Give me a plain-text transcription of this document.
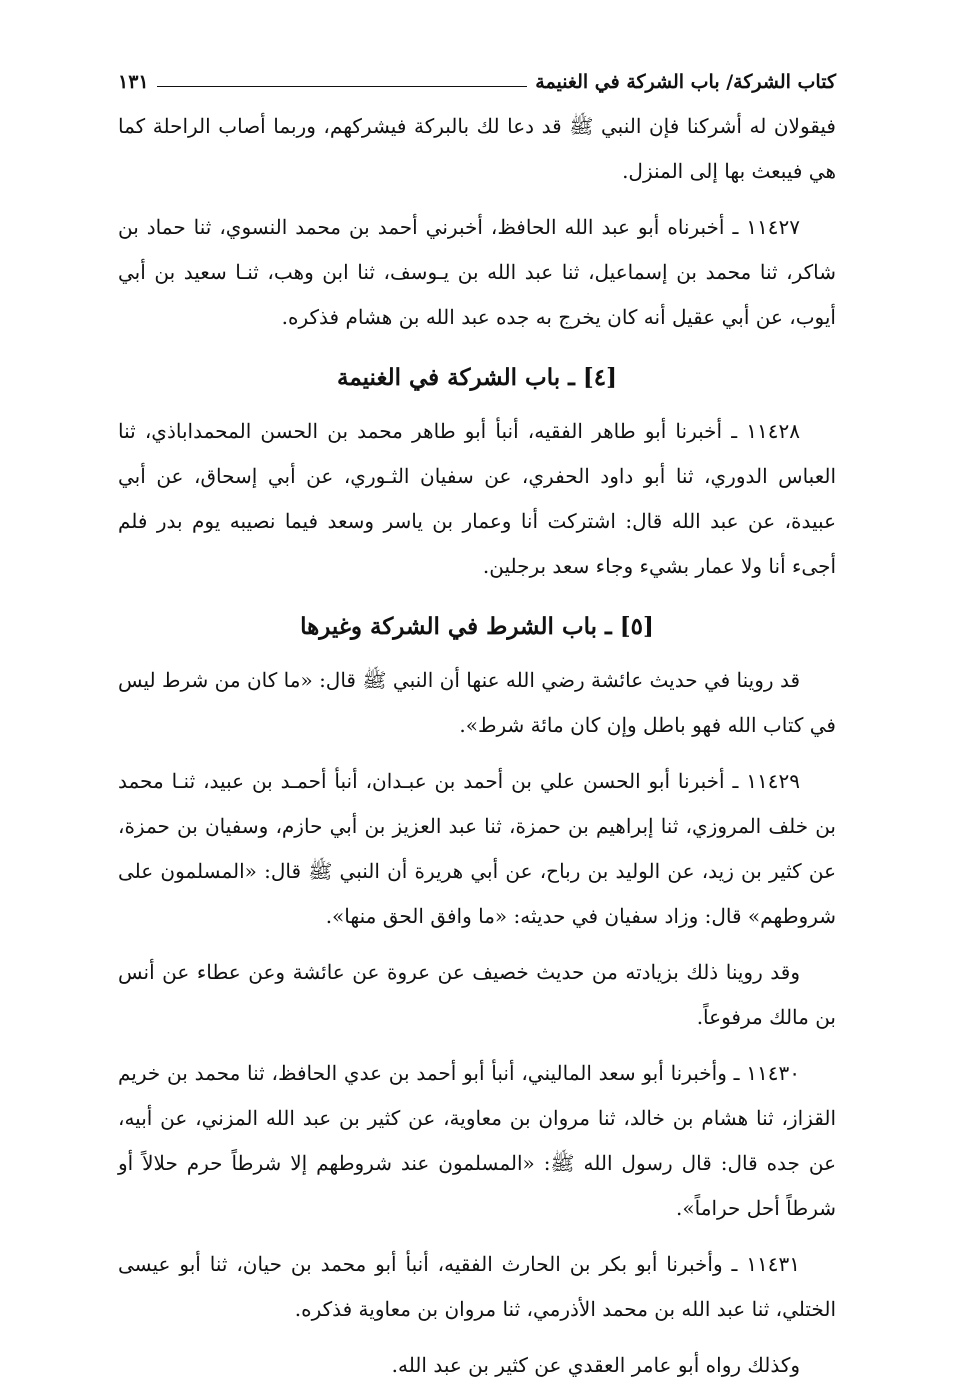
كتاب الشركة/ باب الشركة في الغنيمة
١٣١

فيقولان له أشركنا فإن النبي ﷺ قد دعا لك بالبركة فيشركهم، وربما أصاب الراحلة كما هي فيبعث بها إلى المنزل.

١١٤٢٧ ـ أخبرناه أبو عبد الله الحافظ، أخبرني أحمد بن محمد النسوي، ثنا حماد بن شاكر، ثنا محمد بن إسماعيل، ثنا عبد الله بن يـوسف، ثنا ابن وهب، ثنـا سعيد بن أبي أيوب، عن أبي عقيل أنه كان يخرج به جده عبد الله بن هشام فذكره.

[٤] ـ باب الشركة في الغنيمة

١١٤٢٨ ـ أخبرنا أبو طاهر الفقيه، أنبأ أبو طاهر محمد بن الحسن المحمداباذي، ثنا العباس الدوري، ثنا أبو داود الحفري، عن سفيان الثـوري، عن أبي إسحاق، عن أبي عبيدة، عن عبد الله قال: اشتركت أنا وعمار بن ياسر وسعد فيما نصيبه يوم بدر فلم أجىء أنا ولا عمار بشيء وجاء سعد برجلين.

[٥] ـ باب الشرط في الشركة وغيرها

قد روينا في حديث عائشة رضي الله عنها أن النبي ﷺ قال: «ما كان من شرط ليس في كتاب الله فهو باطل وإن كان مائة شرط».

١١٤٢٩ ـ أخبرنا أبو الحسن علي بن أحمد بن عبـدان، أنبأ أحمـد بن عبيد، ثنـا محمد بن خلف المروزي، ثنا إبراهيم بن حمزة، ثنا عبد العزيز بن أبي حازم، وسفيان بن حمزة، عن كثير بن زيد، عن الوليد بن رباح، عن أبي هريرة أن النبي ﷺ قال: «المسلمون على شروطهم» قال: وزاد سفيان في حديثه: «ما وافق الحق منها».

وقد روينا ذلك بزيادته من حديث خصيف عن عروة عن عائشة وعن عطاء عن أنس بن مالك مرفوعاً.

١١٤٣٠ ـ وأخبرنا أبو سعد الماليني، أنبأ أبو أحمد بن عدي الحافظ، ثنا محمد بن خريم القزاز، ثنا هشام بن خالد، ثنا مروان بن معاوية، عن كثير بن عبد الله المزني، عن أبيه، عن جده قال: قال رسول الله ﷺ: «المسلمون عند شروطهم إلا شرطاً حرم حلالاً أو شرطاً أحل حراماً».

١١٤٣١ ـ وأخبرنا أبو بكر بن الحارث الفقيه، أنبأ أبو محمد بن حيان، ثنا أبو عيسى الختلي، ثنا عبد الله بن محمد الأذرمي، ثنا مروان بن معاوية فذكره.

وكذلك رواه أبو عامر العقدي عن كثير بن عبد الله.
